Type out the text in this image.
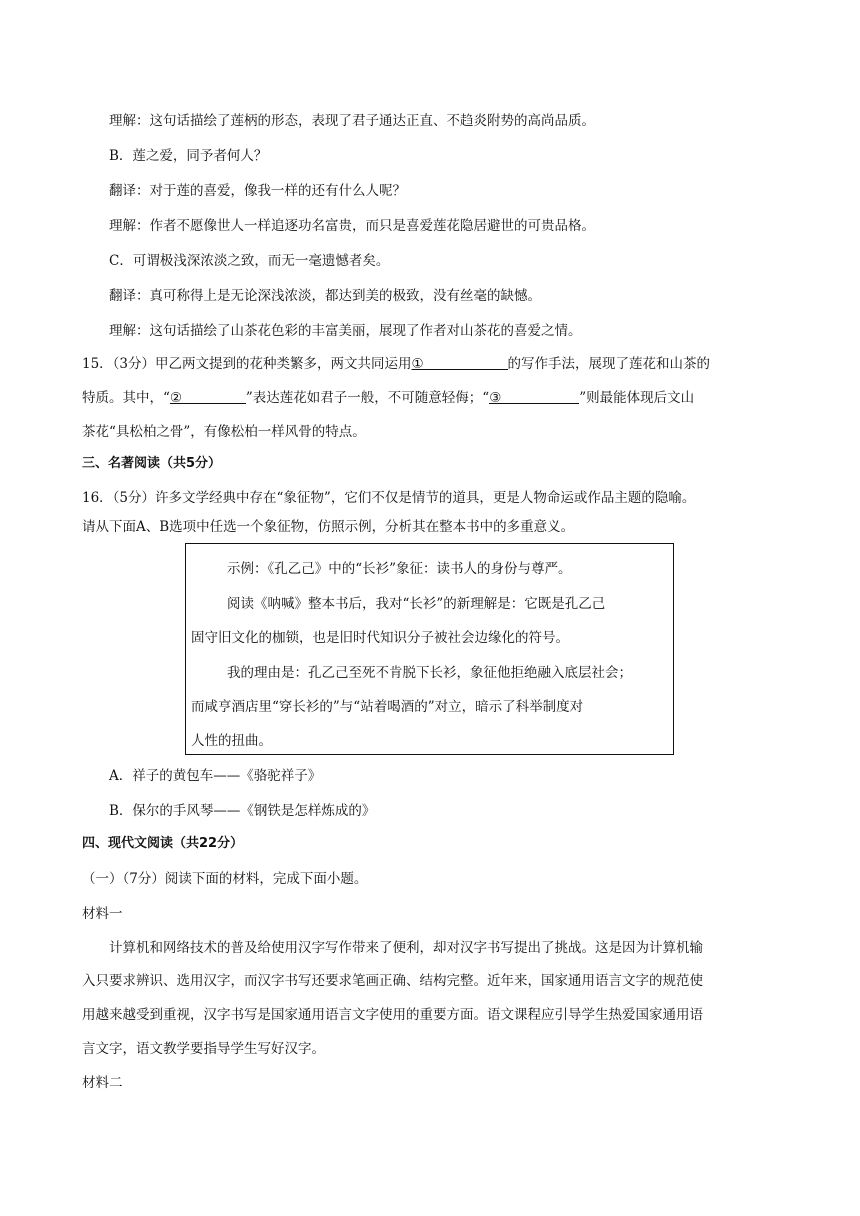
理解：这句话描绘了莲柄的形态，表现了君子通达正直、不趋炎附势的高尚品质。
B．莲之爱，同予者何人？
翻译：对于莲的喜爱，像我一样的还有什么人呢？
理解：作者不愿像世人一样追逐功名富贵，而只是喜爱莲花隐居避世的可贵品格。
C．可谓极浅深浓淡之致，而无一毫遗憾者矣。
翻译：真可称得上是无论深浅浓淡，都达到美的极致，没有丝毫的缺憾。
理解：这句话描绘了山茶花色彩的丰富美丽，展现了作者对山茶花的喜爱之情。
15．（3分）甲乙两文提到的花种类繁多，两文共同运用①	的写作手法，展现了莲花和山茶的
特质。其中，“②	”表达莲花如君子一般，不可随意轻侮；“③	”则最能体现后文山
茶花“具松柏之骨”，有像松柏一样风骨的特点。
三、名著阅读（共5分）
16．（5分）许多文学经典中存在“象征物”，它们不仅是情节的道具，更是人物命运或作品主题的隐喻。
请从下面A、B选项中任选一个象征物，仿照示例，分析其在整本书中的多重意义。
示例：《孔乙己》中的“长衫”象征：读书人的身份与尊严。
阅读《呐喊》整本书后，我对“长衫”的新理解是：它既是孔乙己
固守旧文化的枷锁，也是旧时代知识分子被社会边缘化的符号。
我的理由是：孔乙己至死不肯脱下长衫，象征他拒绝融入底层社会；
而咸亨酒店里“穿长衫的”与“站着喝酒的”对立，暗示了科举制度对
人性的扭曲。
A．祥子的黄包车——《骆驼祥子》
B．保尔的手风琴——《钢铁是怎样炼成的》
四、现代文阅读（共22分）
（一）（7分）阅读下面的材料，完成下面小题。
材料一
计算机和网络技术的普及给使用汉字写作带来了便利，却对汉字书写提出了挑战。这是因为计算机输
入只要求辨识、选用汉字，而汉字书写还要求笔画正确、结构完整。近年来，国家通用语言文字的规范使
用越来越受到重视，汉字书写是国家通用语言文字使用的重要方面。语文课程应引导学生热爱国家通用语
言文字，语文教学要指导学生写好汉字。
材料二
